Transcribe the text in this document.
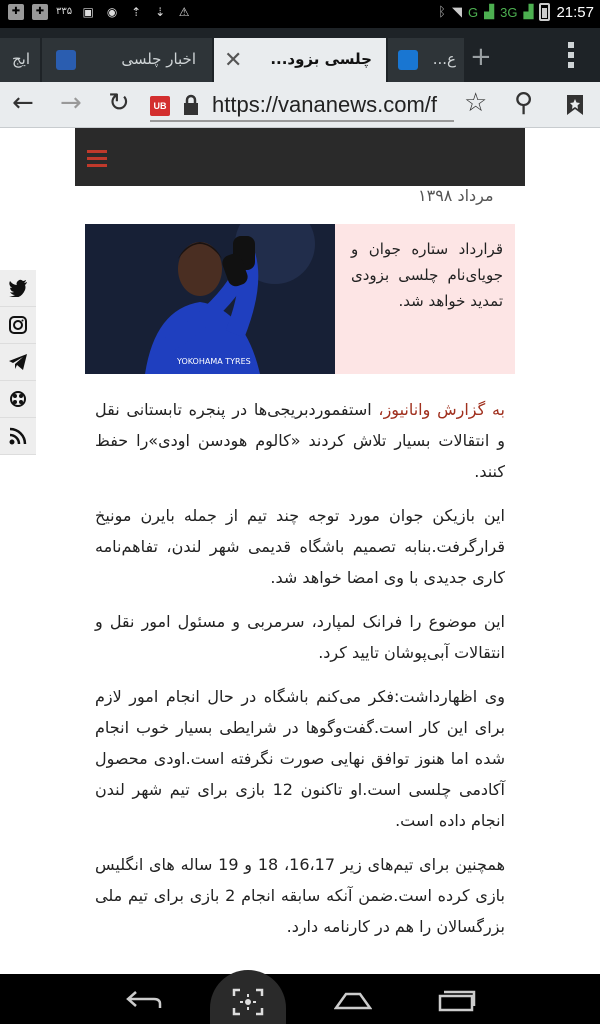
✚	✚	۳۳۵ ▣ ◉ ⇡ ⇣ ⚠	ᛒ ◥ G ▟ 3G ▟ 21:57
ایج	اخبار چلسی	✕ چلسی بزود...	ع... +
← → ↻	UB https://vananews.com/f	☆ ⚲
مرداد ۱۳۹۸
YOKOHAMA TYRES
قرارداد ستاره جوان و جویای‌نام چلسی بزودی تمدید خواهد شد.

به گزارش وانانیوز، استفموردبریجی‌ها در پنجره تابستانی نقل و انتقالات بسیار تلاش کردند «کالوم هودسن اودی»را حفظ کنند.

این بازیکن جوان مورد توجه چند تیم از جمله بایرن مونیخ قرارگرفت.بنابه تصمیم باشگاه قدیمی شهر لندن، تفاهم‌نامه کاری جدیدی با وی امضا خواهد شد.

این موضوع را فرانک لمپارد، سرمربی و مسئول امور نقل و انتقالات آبی‌پوشان تایید کرد.

وی اظهارداشت:فکر می‌کنم باشگاه در حال انجام امور لازم برای این کار است.گفت‌وگوها در شرایطی بسیار خوب انجام شده اما هنوز توافق نهایی صورت نگرفته است.اودی محصول آکادمی چلسی است.او تاکنون 12 بازی برای تیم شهر لندن انجام داده است.

همچنین برای تیم‌های زیر 16،17، 18 و 19 ساله های انگلیس بازی کرده است.ضمن آنکه سابقه انجام 2 بازی برای تیم ملی بزرگسالان را هم در کارنامه دارد.
